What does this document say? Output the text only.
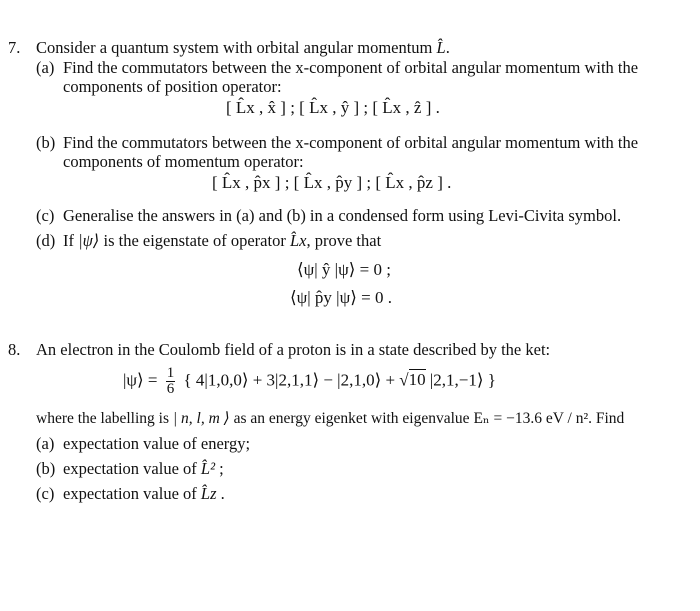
7. Consider a quantum system with orbital angular momentum L̂.
(a) Find the commutators between the x-component of orbital angular momentum with the
components of position operator:
[ L̂x , x̂ ] ; [ L̂x , ŷ ] ; [ L̂x , ẑ ] .
(b) Find the commutators between the x-component of orbital angular momentum with the
components of momentum operator:
[ L̂x , p̂x ] ; [ L̂x , p̂y ] ; [ L̂x , p̂z ] .
(c) Generalise the answers in (a) and (b) in a condensed form using Levi-Civita symbol.
(d) If |ψ⟩ is the eigenstate of operator L̂x, prove that
⟨ψ| ŷ |ψ⟩ = 0 ;
⟨ψ| p̂y |ψ⟩ = 0 .
8. An electron in the Coulomb field of a proton is in a state described by the ket:
|ψ⟩ = $\frac{1}{6}$ { 4|1,0,0⟩ + 3|2,1,1⟩ − |2,1,0⟩ + √10 |2,1,−1⟩ }
where the labelling is | n, l, m ⟩ as an energy eigenket with eigenvalue Eₙ = −13.6 eV / n². Find
(a) expectation value of energy;
(b) expectation value of L̂² ;
(c) expectation value of L̂z .
